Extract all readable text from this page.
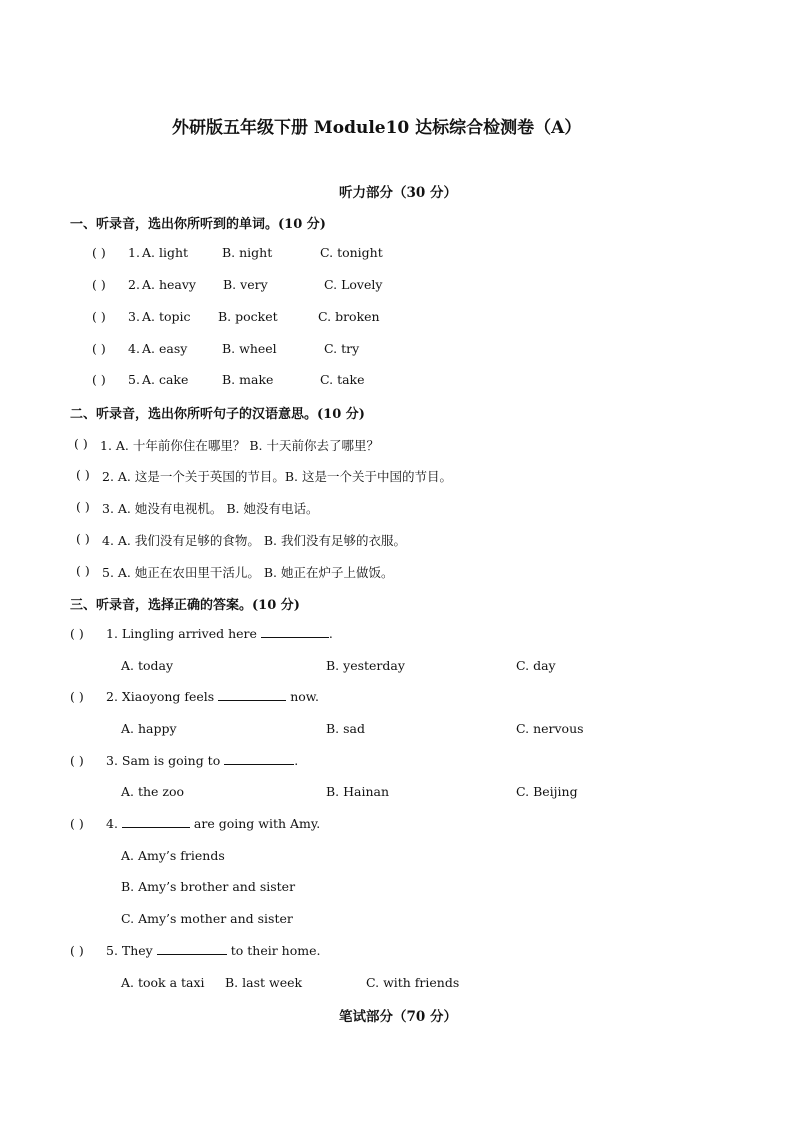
外研版五年级下册 Module10 达标综合检测卷（A）
听力部分（30 分）
一、听录音，选出你所听到的单词。(10 分)
( ) 1. A. light	B. night	C. tonight
( ) 2. A. heavy B. very	C. Lovely
( ) 3. A. topic B. pocket	C. broken
( ) 4. A. easy	B. wheel	C. try
( ) 5. A. cake	B. make	C. take
二、听录音，选出你所听句子的汉语意思。(10 分)
( ) 1. A. 十年前你住在哪里？ B. 十天前你去了哪里？
( ) 2. A. 这是一个关于英国的节目。B. 这是一个关于中国的节目。
( ) 3. A. 她没有电视机。 B. 她没有电话。
( ) 4. A. 我们没有足够的食物。 B. 我们没有足够的衣服。
( ) 5. A. 她正在农田里干活儿。 B. 她正在炉子上做饭。
三、听录音，选择正确的答案。(10 分)
( ) 1. Lingling arrived here	.
A. today	B. yesterday	C. day
( ) 2. Xiaoyong feels	now.
A. happy	B. sad	C. nervous
( ) 3. Sam is going to	.
A. the zoo	B. Hainan	C. Beijing
( ) 4.	are going with Amy.
A. Amy’s friends
B. Amy’s brother and sister
C. Amy’s mother and sister
( ) 5. They	to their home.
A. took a taxi B. last week	C. with friends
笔试部分（70 分）
